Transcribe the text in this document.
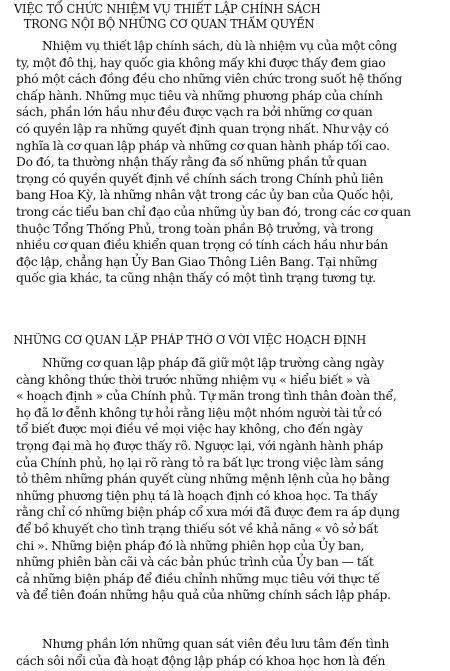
VIỆC TỔ CHỨC NHIỆM VỤ THIẾT LẬP CHÍNH SÁCH
TRONG NỘI BỘ NHỮNG CƠ QUAN THẨM QUYỀN
Nhiệm vụ thiết lập chính sách, dù là nhiệm vụ của một công
ty, một đô thị, hay quốc gia không mấy khi được thấy đem giao
phó một cách đồng đều cho những viên chức trong suốt hệ thống
chấp hành. Những mục tiêu và những phương pháp của chính
sách, phần lớn hầu như đều được vạch ra bởi những cơ quan
có quyền lập ra những quyết định quan trọng nhất. Như vậy có
nghĩa là cơ quan lập pháp và những cơ quan hành pháp tối cao.
Do đó, ta thường nhận thấy rằng đa số những phần tử quan
trọng có quyền quyết định về chính sách trong Chính phủ liên
bang Hoa Kỳ, là những nhân vật trong các ủy ban của Quốc hội,
trong các tiểu ban chỉ đạo của những ủy ban đó, trong các cơ quan
thuộc Tổng Thống Phủ, trong toàn phần Bộ trưởng, và trong
nhiều cơ quan điều khiển quan trọng có tính cách hầu như bán
độc lập, chẳng hạn Ủy Ban Giao Thông Liên Bang. Tại những
quốc gia khác, ta cũng nhận thấy có một tình trạng tương tự.
NHỮNG CƠ QUAN LẬP PHÁP THỜ Ơ VỚI VIỆC HOẠCH ĐỊNH
Những cơ quan lập pháp đã giữ một lập trường càng ngày
càng không thức thời trước những nhiệm vụ « hiểu biết » và
« hoạch định » của Chính phủ. Tự mãn trong tình thân đoàn thể,
họ đã lơ đễnh không tự hỏi rằng liệu một nhóm người tài tử có
tổ biết được mọi điều về mọi việc hay không, cho đến ngày
trọng đại mà họ được thấy rõ. Ngược lại, với ngành hành pháp
của Chính phủ, họ lại rõ ràng tỏ ra bất lực trong việc làm sáng
tỏ thêm những phán quyết cùng những mệnh lệnh của họ bằng
những phương tiện phụ tá là hoạch định có khoa học. Ta thấy
rằng chỉ có những biện pháp cổ xưa mới đã được đem ra áp dụng
để bồ khuyết cho tình trạng thiếu sót về khả năng « vô sở bất
chi ». Những biện pháp đó là những phiên họp của Ủy ban,
những phiên bàn cãi và các bản phúc trình của Ủy ban — tất
cả những biện pháp để điều chỉnh những mục tiêu với thực tế
và để tiên đoán những hậu quả của những chính sách lập pháp.
Nhưng phần lớn những quan sát viên đều lưu tâm đến tình
cách sôi nổi của đà hoạt động lập pháp có khoa học hơn là đến
